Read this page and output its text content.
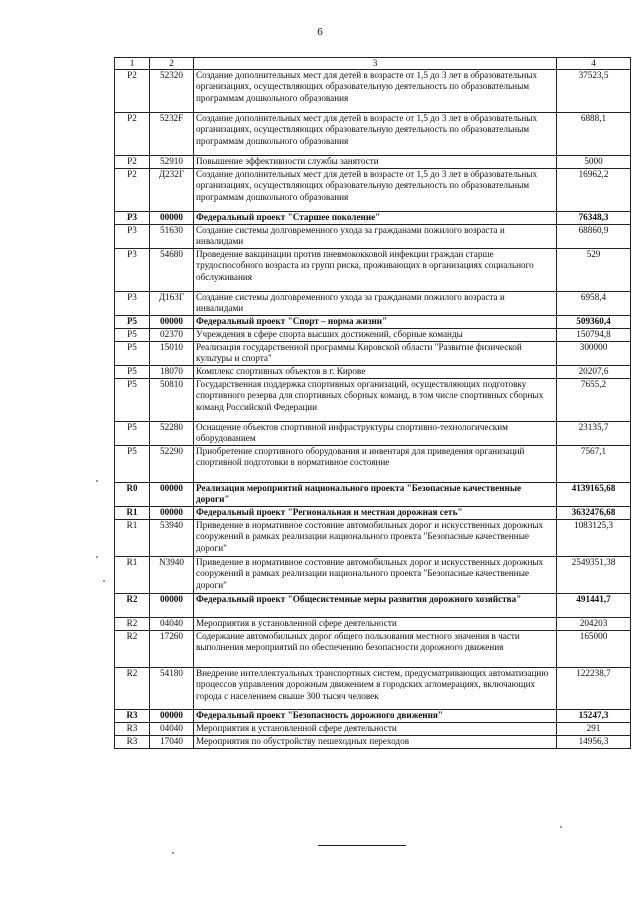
6
1	2	3	4
Р2	52320	Создание дополнительных мест для детей в возрасте от 1,5 до 3 лет в образовательных организациях, осуществляющих образовательную деятельность по образовательным программам дошкольного образования	37523,5
Р2	5232F	Создание дополнительных мест для детей в возрасте от 1,5 до 3 лет в образовательных организациях, осуществляющих образовательную деятельность по образовательным программам дошкольного образования	6888,1
Р2	52910	Повышение эффективности службы занятости	5000
Р2	Д232Г	Создание дополнительных мест для детей в возрасте от 1,5 до 3 лет в образовательных организациях, осуществляющих образовательную деятельность по образовательным программам дошкольного образования	16962,2
Р3	00000	Федеральный проект "Старшее поколение"	76348,3
Р3	51630	Создание системы долговременного ухода за гражданами пожилого возраста и инвалидами	68860,9
Р3	54680	Проведение вакцинации против пневмококковой инфекции граждан старше трудоспособного возраста из групп риска, проживающих в организациях социального обслуживания	529
Р3	Д163Г	Создание системы долговременного ухода за гражданами пожилого возраста и инвалидами	6958,4
Р5	00000	Федеральный проект "Спорт – норма жизни"	509360,4
Р5	02370	Учреждения в сфере спорта высших достижений, сборные команды	150794,8
Р5	15010	Реализация государственной программы Кировской области "Развитие физической культуры и спорта"	300000
Р5	18070	Комплекс спортивных объектов в г. Кирове	20207,6
Р5	50810	Государственная поддержка спортивных организаций, осуществляющих подготовку спортивного резерва для спортивных сборных команд, в том числе спортивных сборных команд Российской Федерации	7655,2
Р5	52280	Оснащение объектов спортивной инфраструктуры спортивно-технологическим оборудованием	23135,7
Р5	52290	Приобретение спортивного оборудования и инвентаря для приведения организаций спортивной подготовки в нормативное состояние	7567,1
R0	00000	Реализация мероприятий национального проекта "Безопасные качественные дороги"	4139165,68
R1	00000	Федеральный проект "Региональная и местная дорожная сеть"	3632476,68
R1	53940	Приведение в нормативное состояние автомобильных дорог и искусственных дорожных сооружений в рамках реализации национального проекта "Безопасные качественные дороги"	1083125,3
R1	N3940	Приведение в нормативное состояние автомобильных дорог и искусственных дорожных сооружений в рамках реализации национального проекта "Безопасные качественные дороги"	2549351,38
R2	00000	Федеральный проект "Общесистемные меры развития дорожного хозяйства"	491441,7
R2	04040	Мероприятия в установленной сфере деятельности	204203
R2	17260	Содержание автомобильных дорог общего пользования местного значения в части выполнения мероприятий по обеспечению безопасности дорожного движения	165000
R2	54180	Внедрение интеллектуальных транспортных систем, предусматривающих автоматизацию процессов управления дорожным движением в городских агломерациях, включающих города с населением свыше 300 тысяч человек	122238,7
R3	00000	Федеральный проект "Безопасность дорожного движения"	15247,3
R3	04040	Мероприятия в установленной сфере деятельности	291
R3	17040	Мероприятия по обустройству пешеходных переходов	14956,3
